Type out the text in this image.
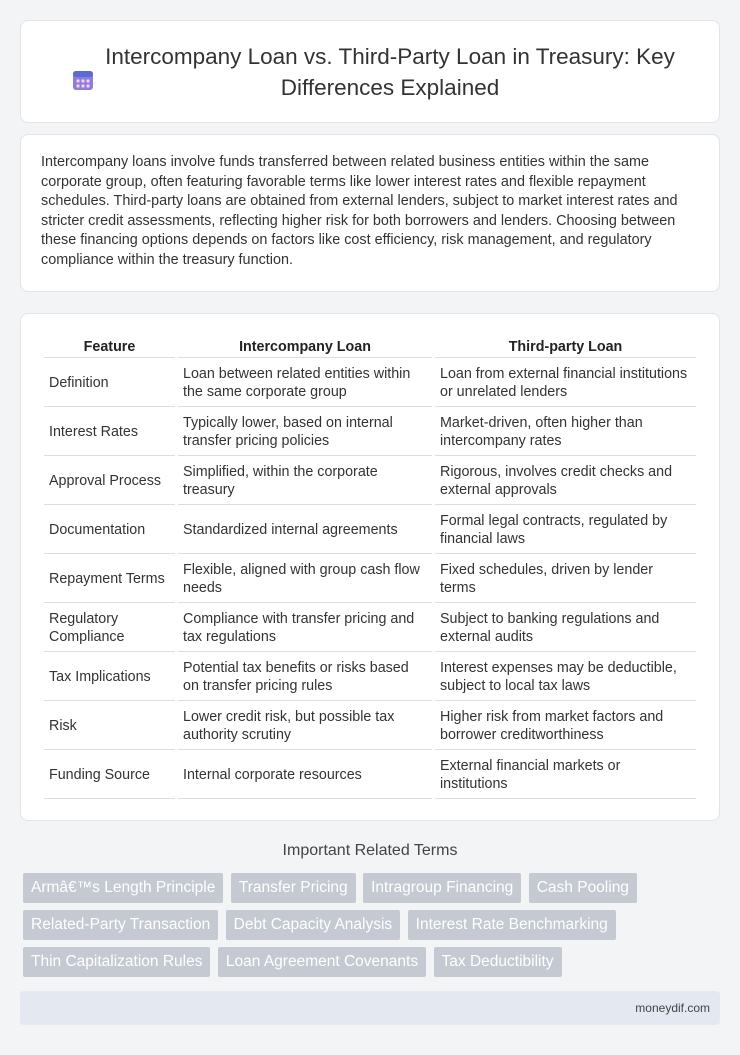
Intercompany Loan vs. Third-Party Loan in Treasury: Key Differences Explained

Intercompany loans involve funds transferred between related business entities within the same corporate group, often featuring favorable terms like lower interest rates and flexible repayment schedules. Third-party loans are obtained from external lenders, subject to market interest rates and stricter credit assessments, reflecting higher risk for both borrowers and lenders. Choosing between these financing options depends on factors like cost efficiency, risk management, and regulatory compliance within the treasury function.

Feature	Intercompany Loan	Third-party Loan
Definition	Loan between related entities within the same corporate group	Loan from external financial institutions or unrelated lenders
Interest Rates	Typically lower, based on internal transfer pricing policies	Market-driven, often higher than intercompany rates
Approval Process	Simplified, within the corporate treasury	Rigorous, involves credit checks and external approvals
Documentation	Standardized internal agreements	Formal legal contracts, regulated by financial laws
Repayment Terms	Flexible, aligned with group cash flow needs	Fixed schedules, driven by lender terms
Regulatory Compliance	Compliance with transfer pricing and tax regulations	Subject to banking regulations and external audits
Tax Implications	Potential tax benefits or risks based on transfer pricing rules	Interest expenses may be deductible, subject to local tax laws
Risk	Lower credit risk, but possible tax authority scrutiny	Higher risk from market factors and borrower creditworthiness
Funding Source	Internal corporate resources	External financial markets or institutions
Important Related Terms
Armâ€™s Length Principle Transfer Pricing Intragroup Financing Cash Pooling Related-Party Transaction Debt Capacity Analysis Interest Rate Benchmarking Thin Capitalization Rules Loan Agreement Covenants Tax Deductibility
moneydif.com
